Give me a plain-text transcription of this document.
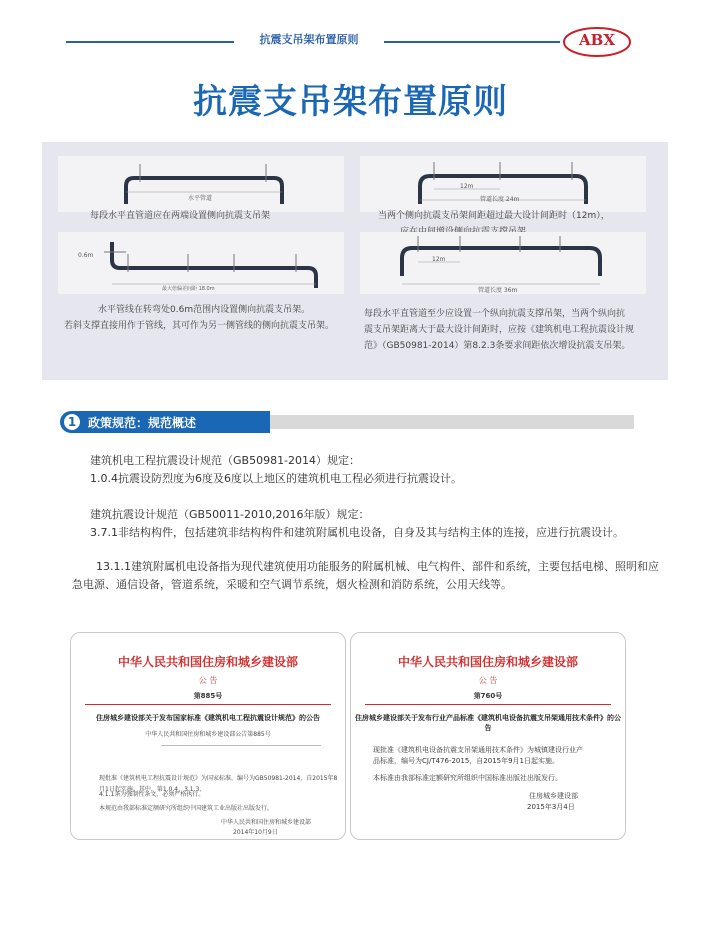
抗震支吊架布置原则	ABX
抗震支吊架布置原则
水平管道
每段水平直管道应在两端设置侧向抗震支吊架
12m
管道长度 24m
当两个侧向抗震支吊架间距超过最大设计间距时（12m），
0.6m
最大倍偏差间距 18.0m
水平管线在转弯处0.6m范围内设置侧向抗震支吊架。
若斜支撑直接用作于管线，其可作为另一侧管线的侧向抗震支吊架。
12m
管道长度 36m
每段水平直管道至少应设置一个纵向抗震支撑吊架，当两个纵向抗
震支吊架距离大于最大设计间距时，应按《建筑机电工程抗震设计规
范》（GB50981-2014）第8.2.3条要求间距依次增设抗震支吊架。
1 政策规范：规范概述
建筑机电工程抗震设计规范（GB50981-2014）规定：
1.0.4抗震设防烈度为6度及6度以上地区的建筑机电工程必须进行抗震设计。
建筑抗震设计规范（GB50011-2010,2016年版）规定：
3.7.1非结构构件，包括建筑非结构构件和建筑附属机电设备，自身及其与结构主体的连接，应进行抗震设计。
13.1.1建筑附属机电设备指为现代建筑使用功能服务的附属机械、电气构件、部件和系统，主要包括电梯、照明和应
急电源、通信设备，管道系统，采暖和空气调节系统，烟火检测和消防系统，公用天线等。
中华人民共和国住房和城乡建设部
公 告
第885号
住房城乡建设部关于发布国家标准《建筑机电工程抗震设计规范》的公告
中华人民共和国住房和城乡建设部公告第885号
现批准《建筑机电工程抗震设计规范》为国家标准，编号为GB50981-2014，自2015年8月1日起实施。其中，第1.0.4、3.1.3、
4.1.1条为强制性条文，必须严格执行。
本规范由我部标准定额研究所组织中国建筑工业出版社出版发行。
中华人民共和国住房和城乡建设部
2014年10月9日
中华人民共和国住房和城乡建设部
公 告
第760号
住房城乡建设部关于发布行业产品标准《建筑机电设备抗震支吊架通用技术条件》的公告
现批准《建筑机电设备抗震支吊架通用技术条件》为城镇建设行业产
品标准，编号为CJ/T476-2015，自2015年9月1日起实施。
本标准由我部标准定额研究所组织中国标准出版社出版发行。
住房城乡建设部
2015年3月4日
